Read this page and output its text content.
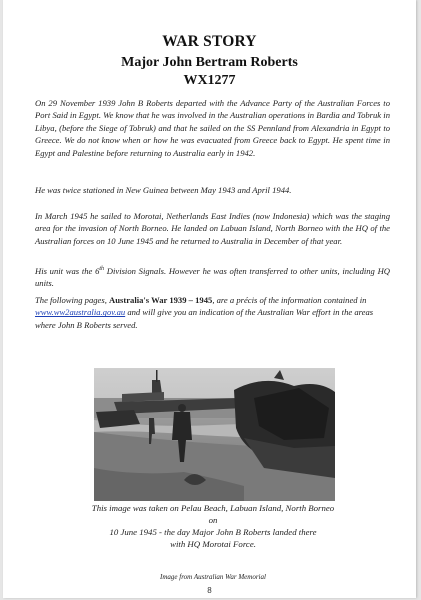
WAR STORY
Major John Bertram Roberts
WX1277

On 29 November 1939 John B Roberts departed with the Advance Party of the Australian Forces to Port Said in Egypt. We know that he was involved in the Australian operations in Bardia and Tobruk in Libya, (before the Siege of Tobruk) and that he sailed on the SS Pennland from Alexandria in Egypt to Greece. We do not know when or how he was evacuated from Greece back to Egypt. He spent time in Egypt and Palestine before returning to Australia early in 1942.

He was twice stationed in New Guinea between May 1943 and April 1944.

In March 1945 he sailed to Morotai, Netherlands East Indies (now Indonesia) which was the staging area for the invasion of North Borneo. He landed on Labuan Island, North Borneo with the HQ of the Australian forces on 10 June 1945 and he returned to Australia in December of that year.

His unit was the 6th Division Signals. However he was often transferred to other units, including HQ units.

The following pages, Australia's War 1939 – 1945, are a précis of the information contained in www.ww2australia.gov.au and will give you an indication of the Australian War effort in the areas where John B Roberts served.

This image was taken on Pelau Beach, Labuan Island, North Borneo
on
10 June 1945 - the day Major John B Roberts landed there
with HQ Morotai Force.

Image from Australian War Memorial

8
